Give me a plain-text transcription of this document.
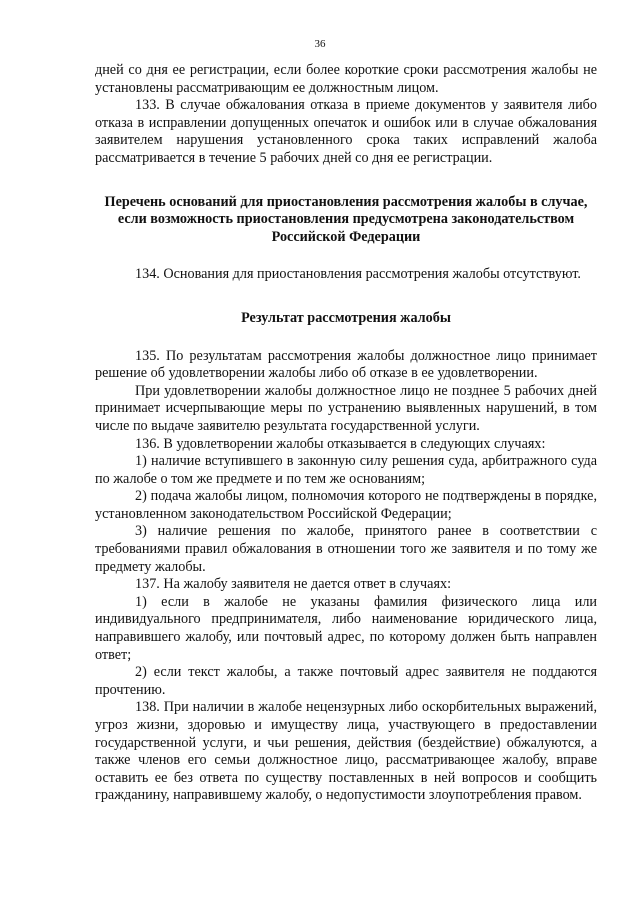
36

дней со дня ее регистрации, если более короткие сроки рассмотрения жалобы не установлены рассматривающим ее должностным лицом.

133. В случае обжалования отказа в приеме документов у заявителя либо отказа в исправлении допущенных опечаток и ошибок или в случае обжалования заявителем нарушения установленного срока таких исправлений жалоба рассматривается в течение 5 рабочих дней со дня ее регистрации.

Перечень оснований для приостановления рассмотрения жалобы в случае, если возможность приостановления предусмотрена законодательством Российской Федерации

134. Основания для приостановления рассмотрения жалобы отсутствуют.

Результат рассмотрения жалобы

135. По результатам рассмотрения жалобы должностное лицо принимает решение об удовлетворении жалобы либо об отказе в ее удовлетворении.

При удовлетворении жалобы должностное лицо не позднее 5 рабочих дней принимает исчерпывающие меры по устранению выявленных нарушений, в том числе по выдаче заявителю результата государственной услуги.

136. В удовлетворении жалобы отказывается в следующих случаях:

1) наличие вступившего в законную силу решения суда, арбитражного суда по жалобе о том же предмете и по тем же основаниям;

2) подача жалобы лицом, полномочия которого не подтверждены в порядке, установленном законодательством Российской Федерации;

3) наличие решения по жалобе, принятого ранее в соответствии с требованиями правил обжалования в отношении того же заявителя и по тому же предмету жалобы.

137. На жалобу заявителя не дается ответ в случаях:

1) если в жалобе не указаны фамилия физического лица или индивидуального предпринимателя, либо наименование юридического лица, направившего жалобу, или почтовый адрес, по которому должен быть направлен ответ;

2) если текст жалобы, а также почтовый адрес заявителя не поддаются прочтению.

138. При наличии в жалобе нецензурных либо оскорбительных выражений, угроз жизни, здоровью и имуществу лица, участвующего в предоставлении государственной услуги, и чьи решения, действия (бездействие) обжалуются, а также членов его семьи должностное лицо, рассматривающее жалобу, вправе оставить ее без ответа по существу поставленных в ней вопросов и сообщить гражданину, направившему жалобу, о недопустимости злоупотребления правом.
